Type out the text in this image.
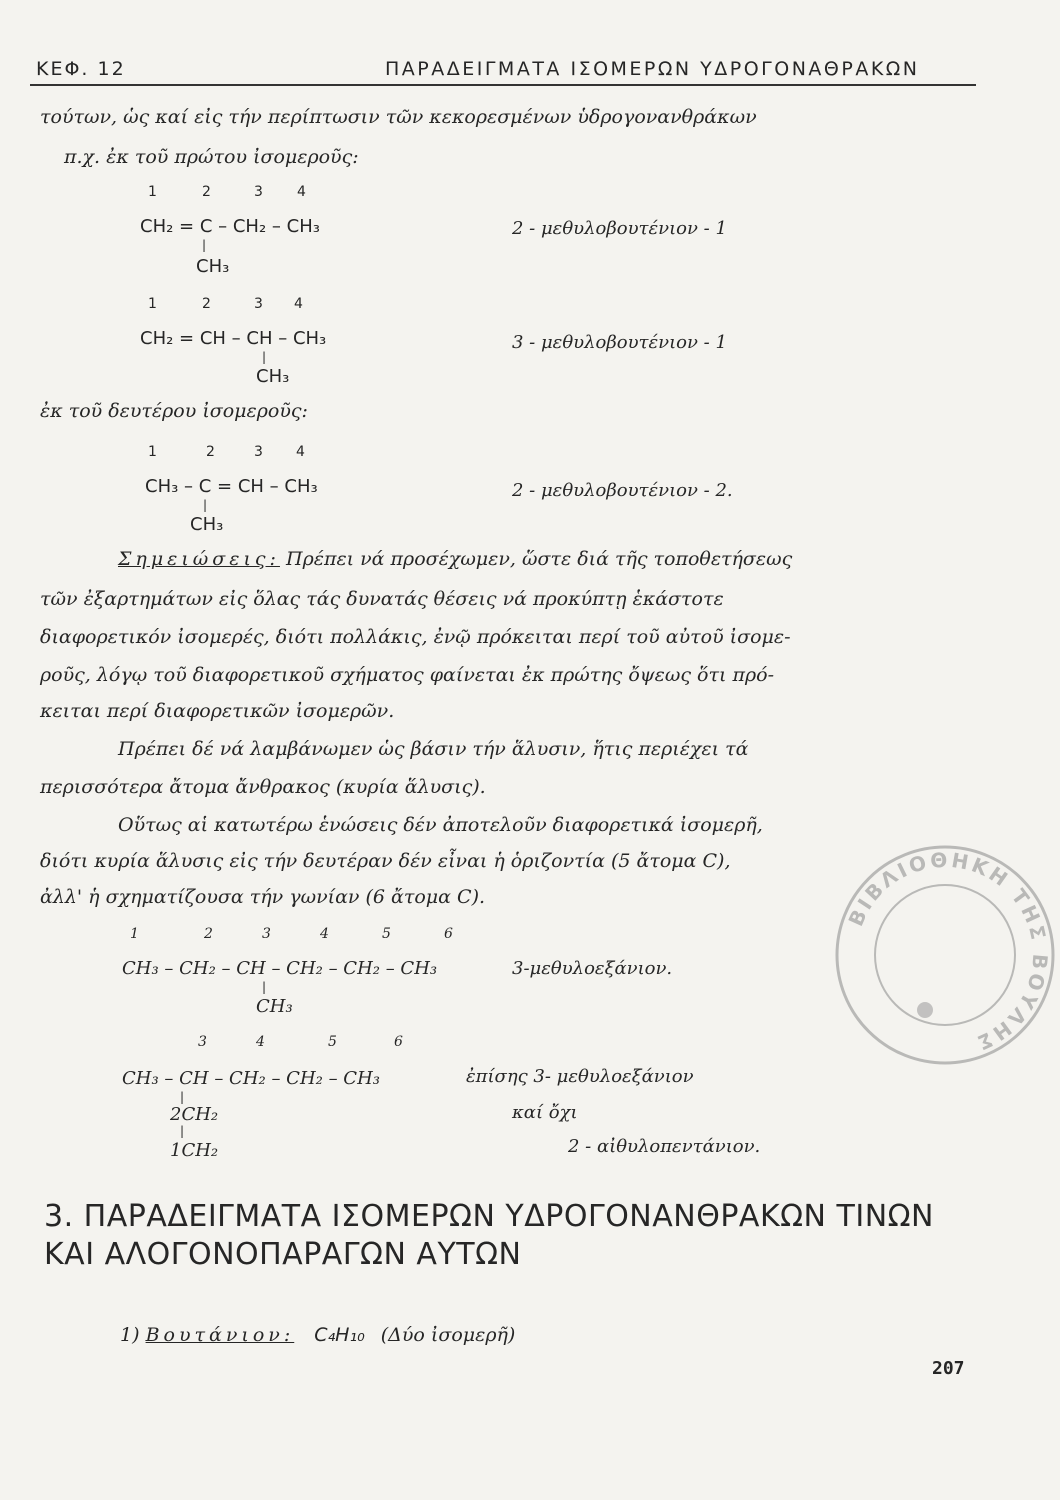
ΚΕΦ. 12	ΠΑΡΑΔΕΙΓΜΑΤΑ ΙΣΟΜΕΡΩΝ ΥΔΡΟΓΟΝΑΘΡΑΚΩΝ
τούτων, ὡς καί εἰς τήν περίπτωσιν τῶν κεκορεσμένων ὑδρογονανθράκων
π.χ. ἐκ τοῦ πρώτου ἰσομεροῦς:
1	2	3 4
CH₂ = C – CH₂ – CH₃
|
CH₃
2 - μεθυλοβουτένιον - 1
1	2	3 4
CH₂ = CH – CH – CH₃
|
CH₃
3 - μεθυλοβουτένιον - 1
ἐκ τοῦ δευτέρου ἰσομεροῦς:
1	2	3 4
CH₃ – C = CH – CH₃
|
CH₃
2 - μεθυλοβουτένιον - 2.
Σημειώσεις: Πρέπει νά προσέχωμεν, ὥστε διά τῆς τοποθετήσεως
τῶν ἐξαρτημάτων εἰς ὅλας τάς δυνατάς θέσεις νά προκύπτῃ ἑκάστοτε
διαφορετικόν ἰσομερές, διότι πολλάκις, ἐνῷ πρόκειται περί τοῦ αὐτοῦ ἰσομε-
ροῦς, λόγῳ τοῦ διαφορετικοῦ σχήματος φαίνεται ἐκ πρώτης ὄψεως ὅτι πρό-
κειται περί διαφορετικῶν ἰσομερῶν.
Πρέπει δέ νά λαμβάνωμεν ὡς βάσιν τήν ἅλυσιν, ἥτις περιέχει τά
περισσότερα ἄτομα ἄνθρακος (κυρία ἅλυσις).
Οὕτως αἱ κατωτέρω ἑνώσεις δέν ἀποτελοῦν διαφορετικά ἰσομερῆ,
διότι κυρία ἅλυσις εἰς τήν δευτέραν δέν εἶναι ἡ ὁριζοντία (5 ἄτομα C),
ἀλλ' ἡ σχηματίζουσα τήν γωνίαν (6 ἄτομα C).
1	2	3	4	5	6
CH₃ – CH₂ – CH – CH₂ – CH₂ – CH₃
|
CH₃
3-μεθυλοεξάνιον.
3	4	5	6
CH₃ – CH – CH₂ – CH₂ – CH₃
|
2CH₂
|
1CH₂
ἐπίσης 3- μεθυλοεξάνιον
καί ὄχι
2 - αἰθυλοπεντάνιον.
3. ΠΑΡΑΔΕΙΓΜΑΤΑ ΙΣΟΜΕΡΩΝ ΥΔΡΟΓΟΝΑΝΘΡΑΚΩΝ ΤΙΝΩΝ ΚΑΙ ΑΛΟΓΟΝΟΠΑΡΑΓΩΝ ΑΥΤΩΝ
1) Βουτάνιον: C₄H₁₀ (Δύο ἰσομερῆ)
207
ΒΙΒΛΙΟΘΗΚΗ ΤΗΣ ΒΟΥΛΗΣ
